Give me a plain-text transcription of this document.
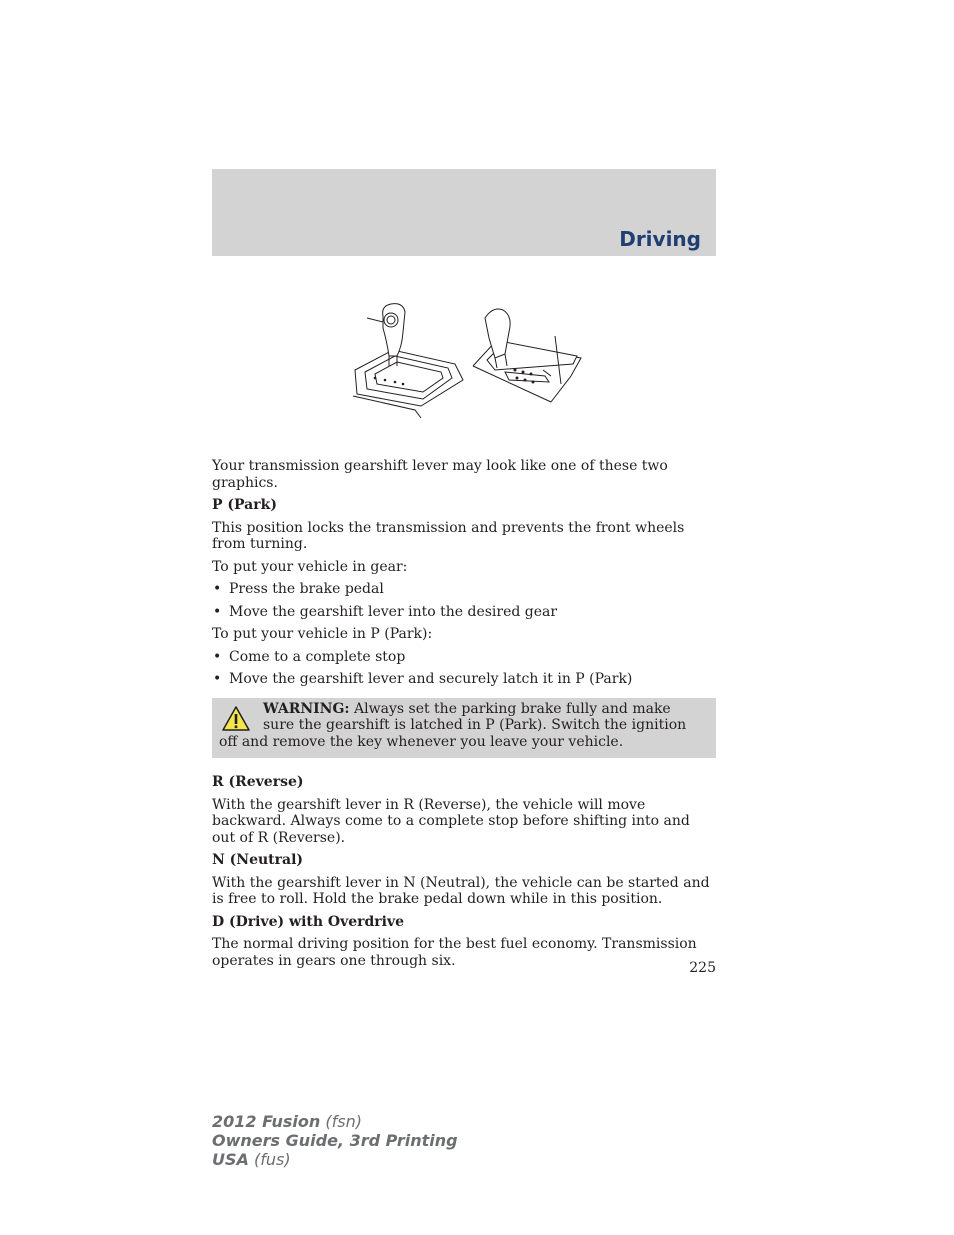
Driving

Your transmission gearshift lever may look like one of these two graphics.

P (Park)

This position locks the transmission and prevents the front wheels from turning.

To put your vehicle in gear:

• Press the brake pedal
• Move the gearshift lever into the desired gear

To put your vehicle in P (Park):

• Come to a complete stop
• Move the gearshift lever and securely latch it in P (Park)
WARNING: Always set the parking brake fully and make sure the gearshift is latched in P (Park). Switch the ignition off and remove the key whenever you leave your vehicle.
R (Reverse)

With the gearshift lever in R (Reverse), the vehicle will move backward. Always come to a complete stop before shifting into and out of R (Reverse).

N (Neutral)

With the gearshift lever in N (Neutral), the vehicle can be started and is free to roll. Hold the brake pedal down while in this position.

D (Drive) with Overdrive

The normal driving position for the best fuel economy. Transmission operates in gears one through six.	225
2012 Fusion (fsn)
Owners Guide, 3rd Printing
USA (fus)
